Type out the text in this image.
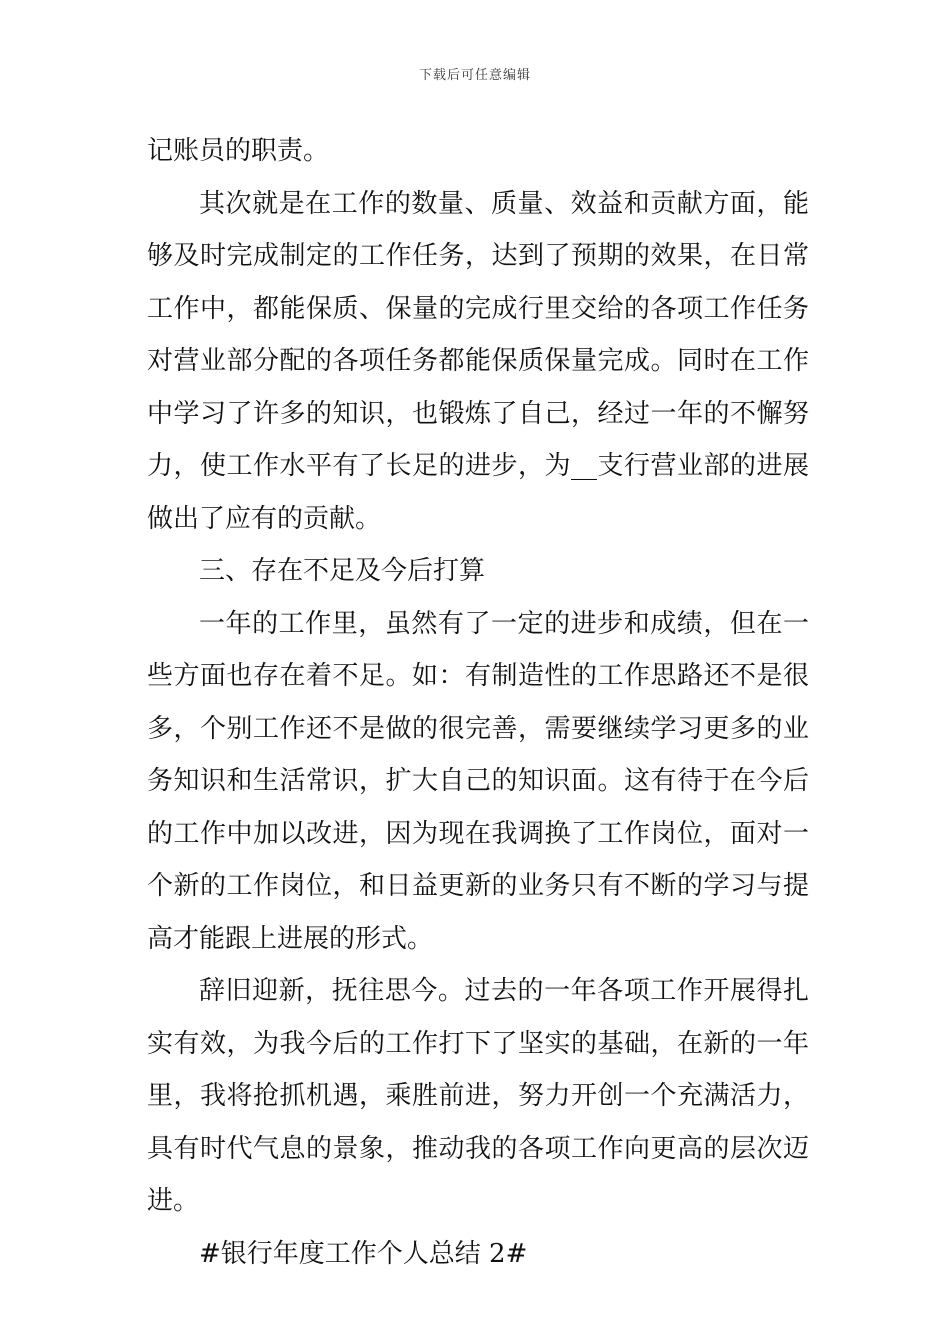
下载后可任意编辑
记账员的职责。
其次就是在工作的数量、质量、效益和贡献方面，能
够及时完成制定的工作任务，达到了预期的效果，在日常
工作中，都能保质、保量的完成行里交给的各项工作任务
对营业部分配的各项任务都能保质保量完成。同时在工作
中学习了许多的知识，也锻炼了自己，经过一年的不懈努
力，使工作水平有了长足的进步，为__支行营业部的进展
做出了应有的贡献。
三、存在不足及今后打算
一年的工作里，虽然有了一定的进步和成绩，但在一
些方面也存在着不足。如：有制造性的工作思路还不是很
多，个别工作还不是做的很完善，需要继续学习更多的业
务知识和生活常识，扩大自己的知识面。这有待于在今后
的工作中加以改进，因为现在我调换了工作岗位，面对一
个新的工作岗位，和日益更新的业务只有不断的学习与提
高才能跟上进展的形式。
辞旧迎新，抚往思今。过去的一年各项工作开展得扎
实有效，为我今后的工作打下了坚实的基础，在新的一年
里，我将抢抓机遇，乘胜前进，努力开创一个充满活力，
具有时代气息的景象，推动我的各项工作向更高的层次迈
进。
#银行年度工作个人总结 2#
